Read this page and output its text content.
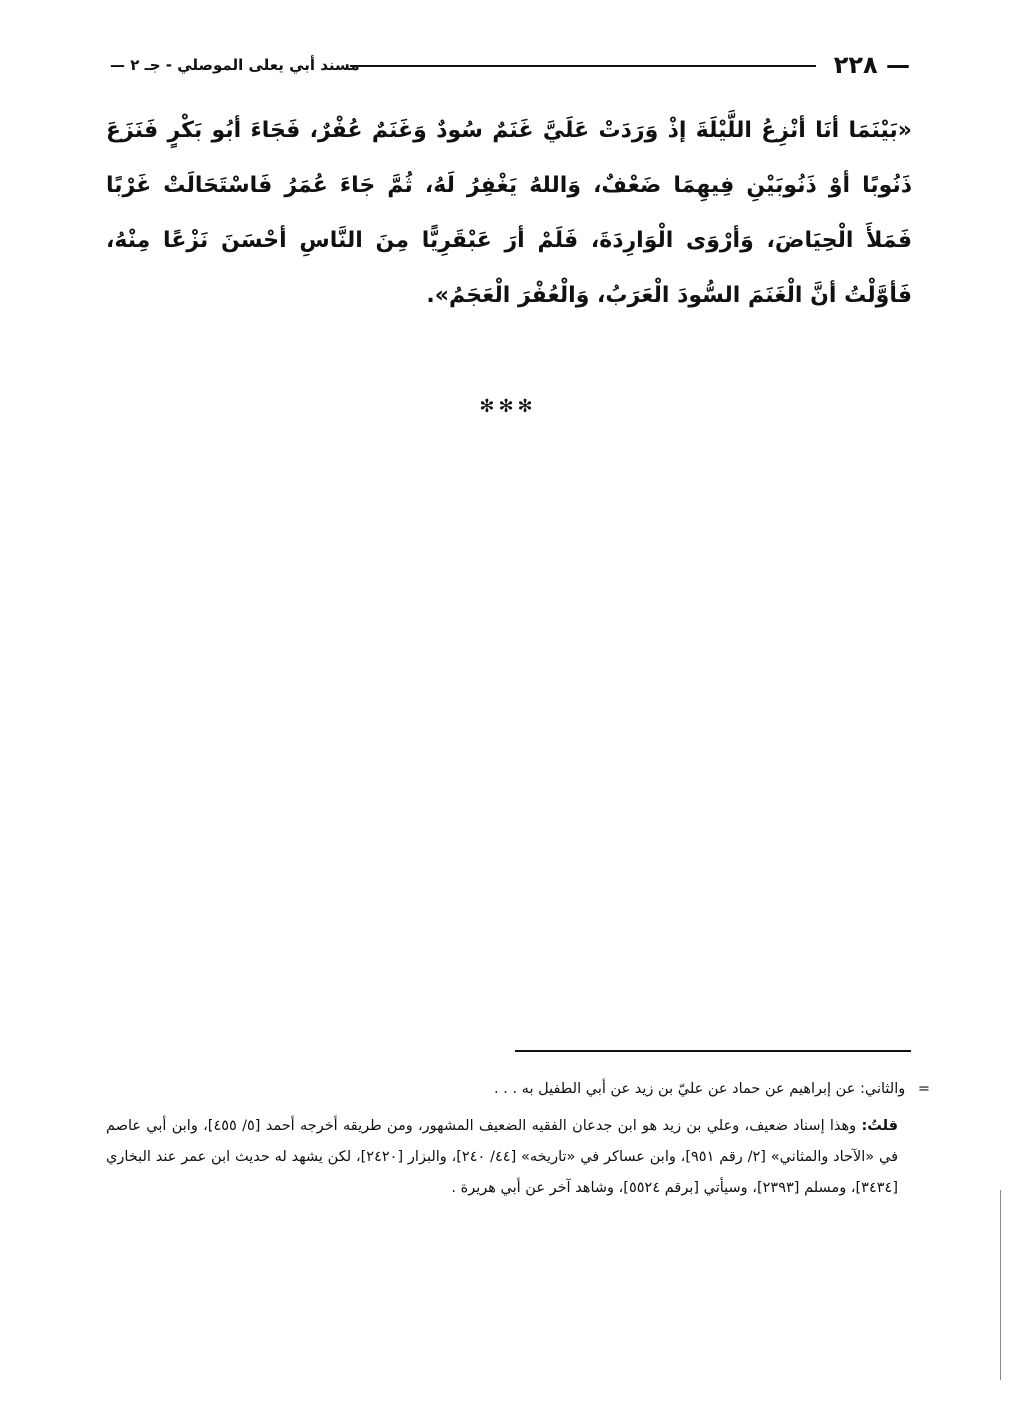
— ٢٢٨
مسند أبي يعلى الموصلي - جـ ٢ —
«بَيْنَمَا أنَا أنْزِعُ اللَّيْلَةَ إذْ وَرَدَتْ عَلَيَّ غَنَمٌ سُودٌ وَغَنَمٌ عُفْرٌ، فَجَاءَ أبُو بَكْرٍ فَنَزَعَ ذَنُوبًا أوْ ذَنُوبَيْنِ فِيهِمَا ضَعْفٌ، وَاللهُ يَغْفِرُ لَهُ، ثُمَّ جَاءَ عُمَرُ فَاسْتَحَالَتْ غَرْبًا فَمَلأَ الْحِيَاضَ، وَأرْوَى الْوَارِدَةَ، فَلَمْ أرَ عَبْقَرِيًّا مِنَ النَّاسِ أحْسَنَ نَزْعًا مِنْهُ، فَأوَّلْتُ أنَّ الْغَنَمَ السُّودَ الْعَرَبُ، وَالْعُفْرَ الْعَجَمُ».
✻✻✻
= والثاني: عن إبراهيم عن حماد عن عليّ بن زيد عن أبي الطفيل به . . .
قلتُ: وهذا إسناد ضعيف، وعلي بن زيد هو ابن جدعان الفقيه الضعيف المشهور، ومن طريقه أخرجه أحمد [٥/ ٤٥٥]، وابن أبي عاصم في «الآحاد والمثاني» [٢/ رقم ٩٥١]، وابن عساكر في «تاريخه» [٤٤/ ٢٤٠]، والبزار [٢٤٢٠]، لكن يشهد له حديث ابن عمر عند البخاري [٣٤٣٤]، ومسلم [٢٣٩٣]، وسيأتي [برقم ٥٥٢٤]، وشاهد آخر عن أبي هريرة .
